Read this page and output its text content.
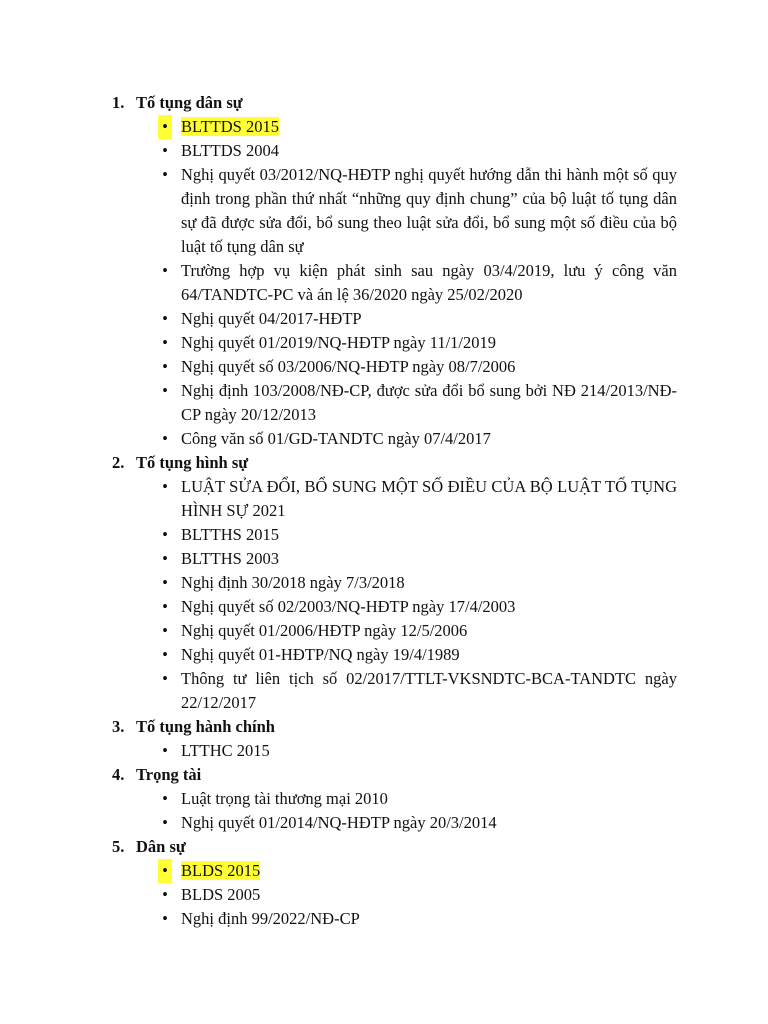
1. Tố tụng dân sự
• BLTTDS 2015
• BLTTDS 2004
• Nghị quyết 03/2012/NQ-HĐTP nghị quyết hướng dẫn thi hành một số quy định trong phần thứ nhất “những quy định chung” của bộ luật tố tụng dân sự đã được sửa đổi, bổ sung theo luật sửa đổi, bổ sung một số điều của bộ luật tố tụng dân sự
• Trường hợp vụ kiện phát sinh sau ngày 03/4/2019, lưu ý công văn 64/TANDTC-PC và án lệ 36/2020 ngày 25/02/2020
• Nghị quyết 04/2017-HĐTP
• Nghị quyết 01/2019/NQ-HĐTP ngày 11/1/2019
• Nghị quyết số 03/2006/NQ-HĐTP ngày 08/7/2006
• Nghị định 103/2008/NĐ-CP, được sửa đổi bổ sung bởi NĐ 214/2013/NĐ-CP ngày 20/12/2013
• Công văn số 01/GD-TANDTC ngày 07/4/2017
2. Tố tụng hình sự
• LUẬT SỬA ĐỔI, BỔ SUNG MỘT SỐ ĐIỀU CỦA BỘ LUẬT TỐ TỤNG HÌNH SỰ 2021
• BLTTHS 2015
• BLTTHS 2003
• Nghị định 30/2018 ngày 7/3/2018
• Nghị quyết số 02/2003/NQ-HĐTP ngày 17/4/2003
• Nghị quyết 01/2006/HĐTP ngày 12/5/2006
• Nghị quyết 01-HĐTP/NQ ngày 19/4/1989
• Thông tư liên tịch số 02/2017/TTLT-VKSNDTC-BCA-TANDTC ngày 22/12/2017
3. Tố tụng hành chính
• LTTHC 2015
4. Trọng tài
• Luật trọng tài thương mại 2010
• Nghị quyết 01/2014/NQ-HĐTP ngày 20/3/2014
5. Dân sự
• BLDS 2015
• BLDS 2005
• Nghị định 99/2022/NĐ-CP
